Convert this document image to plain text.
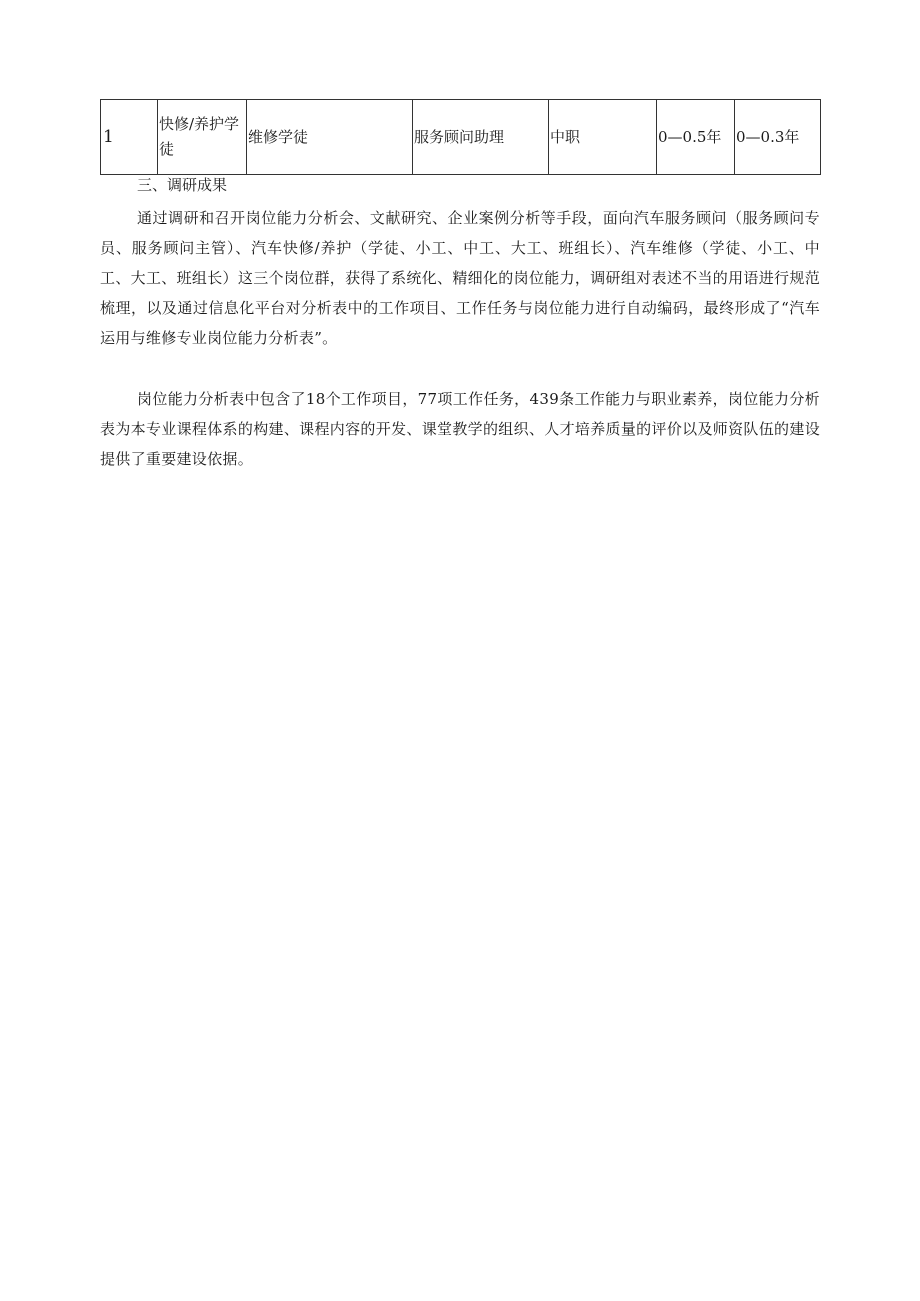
1	快修/养护学徒	维修学徒	服务顾问助理	中职	0—0.5年	0—0.3年
三、调研成果

通过调研和召开岗位能力分析会、文献研究、企业案例分析等手段，面向汽车服务顾问（服务顾问专员、服务顾问主管）、汽车快修/养护（学徒、小工、中工、大工、班组长）、汽车维修（学徒、小工、中工、大工、班组长）这三个岗位群，获得了系统化、精细化的岗位能力，调研组对表述不当的用语进行规范梳理，以及通过信息化平台对分析表中的工作项目、工作任务与岗位能力进行自动编码，最终形成了“汽车运用与维修专业岗位能力分析表”。

岗位能力分析表中包含了18个工作项目，77项工作任务，439条工作能力与职业素养，岗位能力分析表为本专业课程体系的构建、课程内容的开发、课堂教学的组织、人才培养质量的评价以及师资队伍的建设提供了重要建设依据。
